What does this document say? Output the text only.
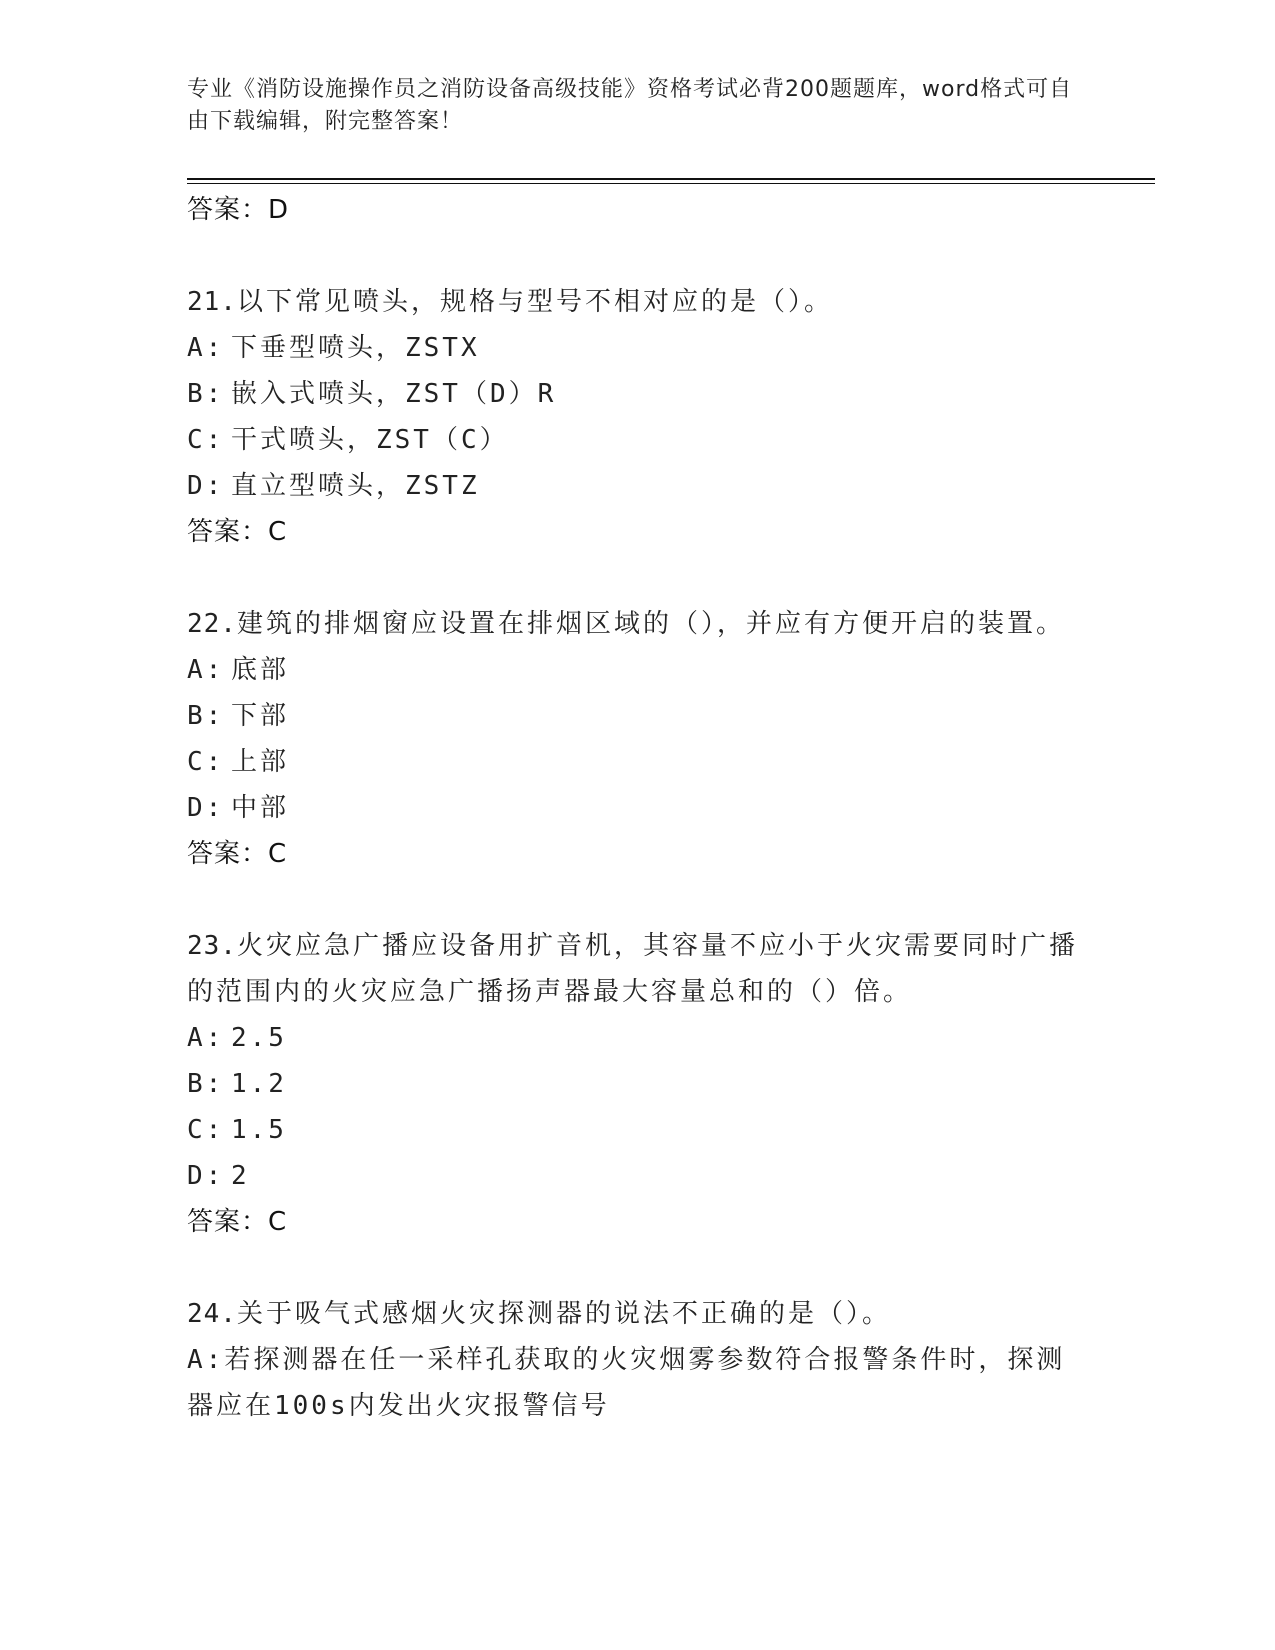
专业《消防设施操作员之消防设备高级技能》资格考试必背200题题库，word格式可自由下载编辑，附完整答案！
答案：D
21.以下常见喷头，规格与型号不相对应的是（）。
A: 下垂型喷头，ZSTX
B: 嵌入式喷头，ZST（D）R
C: 干式喷头，ZST（C）
D: 直立型喷头，ZSTZ
答案：C
22.建筑的排烟窗应设置在排烟区域的（），并应有方便开启的装置。
A: 底部
B: 下部
C: 上部
D: 中部
答案：C
23.火灾应急广播应设备用扩音机，其容量不应小于火灾需要同时广播的范围内的火灾应急广播扬声器最大容量总和的（）倍。
A: 2.5
B: 1.2
C: 1.5
D: 2
答案：C
24.关于吸气式感烟火灾探测器的说法不正确的是（）。
A:若探测器在任一采样孔获取的火灾烟雾参数符合报警条件时，探测器应在100s内发出火灾报警信号
